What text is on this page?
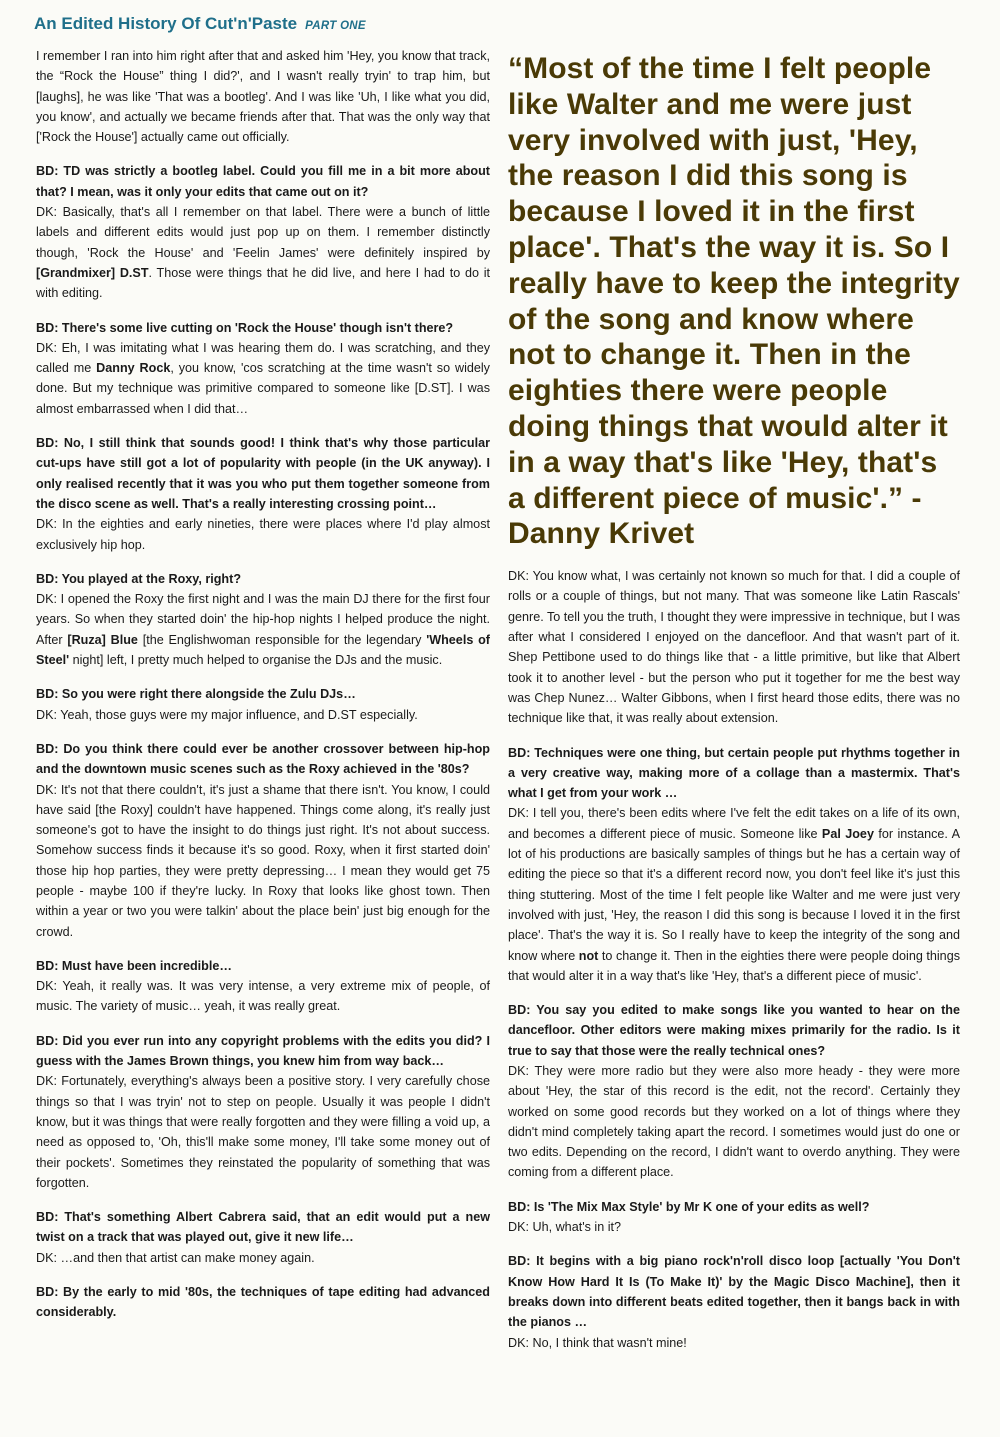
An Edited History Of Cut'n'Paste PART ONE
I remember I ran into him right after that and asked him 'Hey, you know that track, the “Rock the House” thing I did?', and I wasn't really tryin' to trap him, but [laughs], he was like 'That was a bootleg'. And I was like 'Uh, I like what you did, you know', and actually we became friends after that. That was the only way that ['Rock the House'] actually came out officially.
BD: TD was strictly a bootleg label. Could you fill me in a bit more about that? I mean, was it only your edits that came out on it?
DK: Basically, that's all I remember on that label. There were a bunch of little labels and different edits would just pop up on them. I remember distinctly though, 'Rock the House' and 'Feelin James' were definitely inspired by [Grandmixer] D.ST. Those were things that he did live, and here I had to do it with editing.
BD: There's some live cutting on 'Rock the House' though isn't there?
DK: Eh, I was imitating what I was hearing them do. I was scratching, and they called me Danny Rock, you know, 'cos scratching at the time wasn't so widely done. But my technique was primitive compared to someone like [D.ST]. I was almost embarrassed when I did that…
BD: No, I still think that sounds good! I think that's why those particular cut-ups have still got a lot of popularity with people (in the UK anyway). I only realised recently that it was you who put them together someone from the disco scene as well. That's a really interesting crossing point…
DK: In the eighties and early nineties, there were places where I'd play almost exclusively hip hop.
BD: You played at the Roxy, right?
DK: I opened the Roxy the first night and I was the main DJ there for the first four years. So when they started doin' the hip-hop nights I helped produce the night. After [Ruza] Blue [the Englishwoman responsible for the legendary 'Wheels of Steel' night] left, I pretty much helped to organise the DJs and the music.
BD: So you were right there alongside the Zulu DJs…
DK: Yeah, those guys were my major influence, and D.ST especially.
BD: Do you think there could ever be another crossover between hip-hop and the downtown music scenes such as the Roxy achieved in the '80s?
DK: It's not that there couldn't, it's just a shame that there isn't. You know, I could have said [the Roxy] couldn't have happened. Things come along, it's really just someone's got to have the insight to do things just right. It's not about success. Somehow success finds it because it's so good. Roxy, when it first started doin' those hip hop parties, they were pretty depressing… I mean they would get 75 people - maybe 100 if they're lucky. In Roxy that looks like ghost town. Then within a year or two you were talkin' about the place bein' just big enough for the crowd.
BD: Must have been incredible…
DK: Yeah, it really was. It was very intense, a very extreme mix of people, of music. The variety of music… yeah, it was really great.
BD: Did you ever run into any copyright problems with the edits you did? I guess with the James Brown things, you knew him from way back…
DK: Fortunately, everything's always been a positive story. I very carefully chose things so that I was tryin' not to step on people. Usually it was people I didn't know, but it was things that were really forgotten and they were filling a void up, a need as opposed to, 'Oh, this'll make some money, I'll take some money out of their pockets'. Sometimes they reinstated the popularity of something that was forgotten.
BD: That's something Albert Cabrera said, that an edit would put a new twist on a track that was played out, give it new life…
DK: …and then that artist can make money again.
BD: By the early to mid '80s, the techniques of tape editing had advanced considerably.
“Most of the time I felt people like Walter and me were just very involved with just, 'Hey, the reason I did this song is because I loved it in the first place'. That's the way it is. So I really have to keep the integrity of the song and know where not to change it. Then in the eighties there were people doing things that would alter it in a way that's like 'Hey, that's a different piece of music'.” -
Danny Krivet
DK: You know what, I was certainly not known so much for that. I did a couple of rolls or a couple of things, but not many. That was someone like Latin Rascals' genre. To tell you the truth, I thought they were impressive in technique, but I was after what I considered I enjoyed on the dancefloor. And that wasn't part of it. Shep Pettibone used to do things like that - a little primitive, but like that Albert took it to another level - but the person who put it together for me the best way was Chep Nunez… Walter Gibbons, when I first heard those edits, there was no technique like that, it was really about extension.
BD: Techniques were one thing, but certain people put rhythms together in a very creative way, making more of a collage than a mastermix. That's what I get from your work …
DK: I tell you, there's been edits where I've felt the edit takes on a life of its own, and becomes a different piece of music. Someone like Pal Joey for instance. A lot of his productions are basically samples of things but he has a certain way of editing the piece so that it's a different record now, you don't feel like it's just this thing stuttering. Most of the time I felt people like Walter and me were just very involved with just, 'Hey, the reason I did this song is because I loved it in the first place'. That's the way it is. So I really have to keep the integrity of the song and know where not to change it. Then in the eighties there were people doing things that would alter it in a way that's like 'Hey, that's a different piece of music'.
BD: You say you edited to make songs like you wanted to hear on the dancefloor. Other editors were making mixes primarily for the radio. Is it true to say that those were the really technical ones?
DK: They were more radio but they were also more heady - they were more about 'Hey, the star of this record is the edit, not the record'. Certainly they worked on some good records but they worked on a lot of things where they didn't mind completely taking apart the record. I sometimes would just do one or two edits. Depending on the record, I didn't want to overdo anything. They were coming from a different place.
BD: Is 'The Mix Max Style' by Mr K one of your edits as well?
DK: Uh, what's in it?
BD: It begins with a big piano rock'n'roll disco loop [actually 'You Don't Know How Hard It Is (To Make It)' by the Magic Disco Machine], then it breaks down into different beats edited together, then it bangs back in with the pianos …
DK: No, I think that wasn't mine!
